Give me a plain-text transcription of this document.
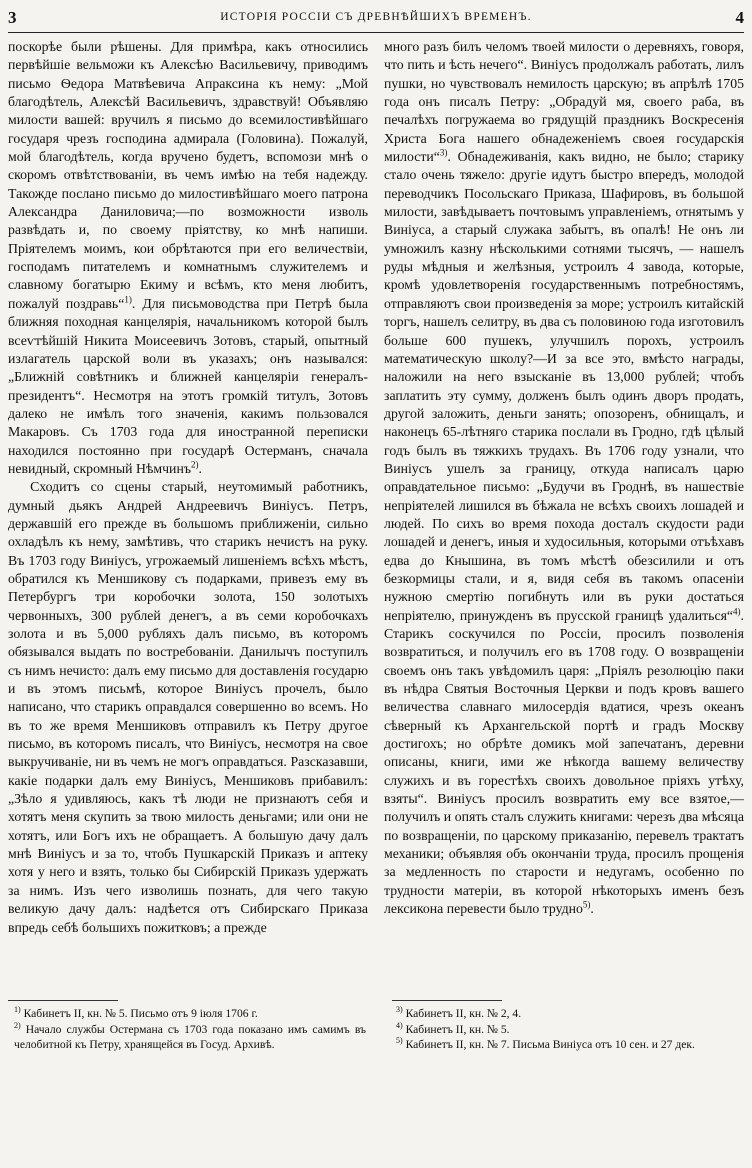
3	ИСТОРІЯ РОССІИ СЪ ДРЕВНѢЙШИХЪ ВРЕМЕНЪ.	4

поскорѣе были рѣшены. Для примѣра, какъ относились первѣйшіе вельможи къ Алексѣю Васильевичу, приводимъ письмо Ѳедора Матвѣевича Апраксина къ нему: „Мой благодѣтель, Алексѣй Васильевичъ, здравствуй! Объявляю милости вашей: вручилъ я письмо до всемилостивѣйшаго государя чрезъ господина адмирала (Головина). Пожалуй, мой благодѣтель, когда вручено будетъ, вспомози мнѣ о скоромъ отвѣтствованіи, въ чемъ имѣю на тебя надежду. Такожде послано письмо до милостивѣйшаго моего патрона Александра Даниловича;—по возможности изволь развѣдать и, по своему пріятству, ко мнѣ напиши. Пріятелемъ моимъ, кои обрѣтаются при его величествіи, господамъ питателемъ и комнатнымъ служителемъ и славному богатырю Екиму и всѣмъ, кто меня любитъ, пожалуй поздравь“$^{1)}$. Для письмоводства при Петрѣ была ближняя походная канцелярія, начальникомъ которой былъ всеѵтѣйшій Никита Моисеевичъ Зотовъ, старый, опытный излагатель царской воли въ указахъ; онъ назывался: „Ближній совѣтникъ и ближней канцеляріи генералъ-президентъ“. Несмотря на этотъ громкій титулъ, Зотовъ далеко не имѣлъ того значенія, какимъ пользовался Макаровъ. Съ 1703 года для иностранной переписки находился постоянно при государѣ Остерманъ, сначала невидный, скромный Нѣмчинъ$^{2)}$.

Сходитъ со сцены старый, неутомимый работникъ, думный дьякъ Андрей Андреевичъ Виніусъ. Петръ, державшій его прежде въ большомъ приближеніи, сильно охладѣлъ къ нему, замѣтивъ, что старикъ нечистъ на руку. Въ 1703 году Виніусъ, угрожаемый лишеніемъ всѣхъ мѣстъ, обратился къ Меншикову съ подарками, привезъ ему въ Петербургъ три коробочки золота, 150 золотыхъ червонныхъ, 300 рублей денегъ, а въ семи коробочкахъ золота и въ 5,000 рубляхъ далъ письмо, въ которомъ обязывался выдать по востребованіи. Данилычъ поступилъ съ нимъ нечисто: далъ ему письмо для доставленія государю и въ этомъ письмѣ, которое Виніусъ прочелъ, было написано, что старикъ оправдался совершенно во всемъ. Но въ то же время Меншиковъ отправилъ къ Петру другое письмо, въ которомъ писалъ, что Виніусъ, несмотря на свое выкручиваніе, ни въ чемъ не могъ оправдаться. Разсказавши, какіе подарки далъ ему Виніусъ, Меншиковъ прибавилъ: „Зѣло я удивляюсь, какъ тѣ люди не признаютъ себя и хотятъ меня скупить за твою милость деньгами; или они не хотятъ, или Богъ ихъ не обращаетъ. А большую дачу далъ мнѣ Виніусъ и за то, чтобъ Пушкарскій Приказъ и аптеку хотя у него и взять, только бы Сибирскій Приказъ удержать за нимъ. Изъ чего изволишь познать, для чего такую великую дачу далъ: надѣется отъ Сибирскаго Приказа впредь себѣ большихъ пожитковъ; а прежде

много разъ билъ челомъ твоей милости о деревняхъ, говоря, что пить и ѣсть нечего“. Виніусъ продолжалъ работать, лилъ пушки, но чувствовалъ немилость царскую; въ апрѣлѣ 1705 года онъ писалъ Петру: „Обрадуй мя, своего раба, въ печалѣхъ погружаема во грядущій праздникъ Воскресенія Христа Бога нашего обнадеженіемъ своея государскія милости“$^{3)}$. Обнадеживанія, какъ видно, не было; старику стало очень тяжело: другіе идутъ быстро впередъ, молодой переводчикъ Посольскаго Приказа, Шафировъ, въ большой милости, завѣдываетъ почтовымъ управленіемъ, отнятымъ у Виніуса, а старый служака забытъ, въ опалѣ! Не онъ ли умножилъ казну нѣсколькими сотнями тысячъ, — нашелъ руды мѣдныя и желѣзныя, устроилъ 4 завода, которые, кромѣ удовлетворенія государственнымъ потребностямъ, отправляютъ свои произведенія за море; устроилъ китайскій торгъ, нашелъ селитру, въ два съ половиною года изготовилъ больше 600 пушекъ, улучшилъ порохъ, устроилъ математическую школу?—И за все это, вмѣсто награды, наложили на него взысканіе въ 13,000 рублей; чтобъ заплатить эту сумму, долженъ былъ одинъ дворъ продать, другой заложить, деньги занять; опозоренъ, обнищалъ, и наконецъ 65-лѣтняго старика послали въ Гродно, гдѣ цѣлый годъ былъ въ тяжкихъ трудахъ. Въ 1706 году узнали, что Виніусъ ушелъ за границу, откуда написалъ царю оправдательное письмо: „Будучи въ Гроднѣ, въ нашествіе непріятелей лишился въ бѣжала не всѣхъ своихъ лошадей и людей. По сихъ во время похода досталъ скудости ради лошадей и денегъ, иныя и худосильныя, которыми отъѣхавъ едва до Кнышина, въ томъ мѣстѣ обезсилили и отъ безкормицы стали, и я, видя себя въ такомъ опасеніи нужною смертію погибнуть или въ руки достаться непріятелю, принужденъ въ прусской границѣ удалиться“$^{4)}$. Старикъ соскучился по Россіи, просилъ позволенія возвратиться, и получилъ его въ 1708 году. О возвращеніи своемъ онъ такъ увѣдомилъ царя: „Пріялъ резолюцію паки въ нѣдра Святыя Восточныя Церкви и подъ кровъ вашего величества славнаго милосердія вдатися, чрезъ океанъ сѣверный къ Архангельской портѣ и градъ Москву достигохъ; но обрѣте домикъ мой запечатанъ, деревни описаны, книги, ими же нѣкогда вашему величеству служихъ и въ горестѣхъ своихъ довольное пріяхъ утѣху, взяты“. Виніусъ просилъ возвратить ему все взятое,—получилъ и опять сталъ служить книгами: черезъ два мѣсяца по возвращеніи, по царскому приказанію, перевелъ трактатъ механики; объявляя объ окончаніи труда, просилъ прощенія за медленность по старости и недугамъ, особенно по трудности матеріи, въ которой нѣкоторыхъ именъ безъ лексикона перевести было трудно$^{5)}$.

$^{1)}$ Кабинетъ II, кн. № 5. Письмо отъ 9 іюля 1706 г.

$^{2)}$ Начало службы Остермана съ 1703 года показано имъ самимъ въ челобитной къ Петру, хранящейся въ Госуд. Архивѣ.

$^{3)}$ Кабинетъ II, кн. № 2, 4.

$^{4)}$ Кабинетъ II, кн. № 5.

$^{5)}$ Кабинетъ II, кн. № 7. Письма Виніуса отъ 10 сен. и 27 дек.
